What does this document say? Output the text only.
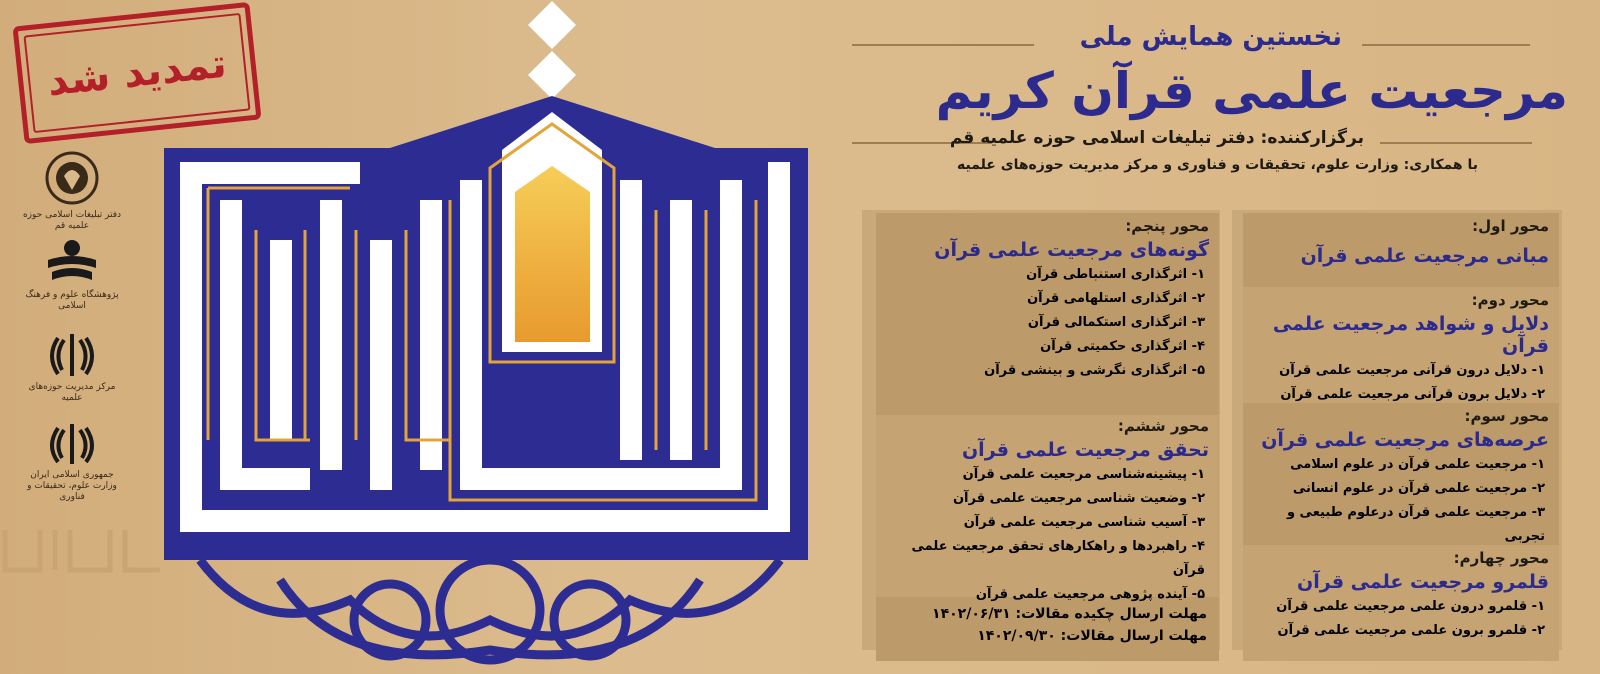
تمدید شد
دفتر تبلیغات اسلامی حوزه علمیه قم
پژوهشگاه علوم و فرهنگ اسلامی
مرکز مدیریت حوزه‌های علمیه
جمهوری اسلامی ایران وزارت علوم، تحقیقات و فناوری
نخستین همایش ملی
مرجعیت علمی قرآن کریم
برگزارکننده: دفتر تبلیغات اسلامی حوزه علمیه قم
با همکاری: وزارت علوم، تحقیقات و فناوری و مرکز مدیریت حوزه‌های علمیه
محور اول:
مبانی مرجعیت علمی قرآن
محور دوم:
دلایل و شواهد مرجعیت علمی قرآن
۱- دلایل درون قرآنی مرجعیت علمی قرآن
۲- دلایل برون قرآنی مرجعیت علمی قرآن
محور سوم:
عرصه‌های مرجعیت علمی قرآن
۱- مرجعیت علمی قرآن در علوم اسلامی
۲- مرجعیت علمی قرآن در علوم انسانی
۳- مرجعیت علمی قرآن درعلوم طبیعی و تجربی
محور چهارم:
قلمرو مرجعیت علمی قرآن
۱- قلمرو درون علمی مرجعیت علمی قرآن
۲- قلمرو برون علمی مرجعیت علمی قرآن
محور پنجم:
گونه‌های مرجعیت علمی قرآن
۱- اثرگذاری استنباطی قرآن
۲- اثرگذاری استلهامی قرآن
۳- اثرگذاری استکمالی قرآن
۴- اثرگذاری حکمیتی قرآن
۵- اثرگذاری نگرشی و بینشی قرآن
محور ششم:
تحقق مرجعیت علمی قرآن
۱- پیشینه‌شناسی مرجعیت علمی قرآن
۲- وضعیت شناسی مرجعیت علمی قرآن
۳- آسیب شناسی مرجعیت علمی قرآن
۴- راهبردها و راهکارهای تحقق مرجعیت علمی قرآن
۵- آینده پژوهی مرجعیت علمی قرآن
مهلت ارسال چکیده مقالات: ۱۴۰۲/۰۶/۳۱
مهلت ارسال مقالات: ۱۴۰۲/۰۹/۳۰
